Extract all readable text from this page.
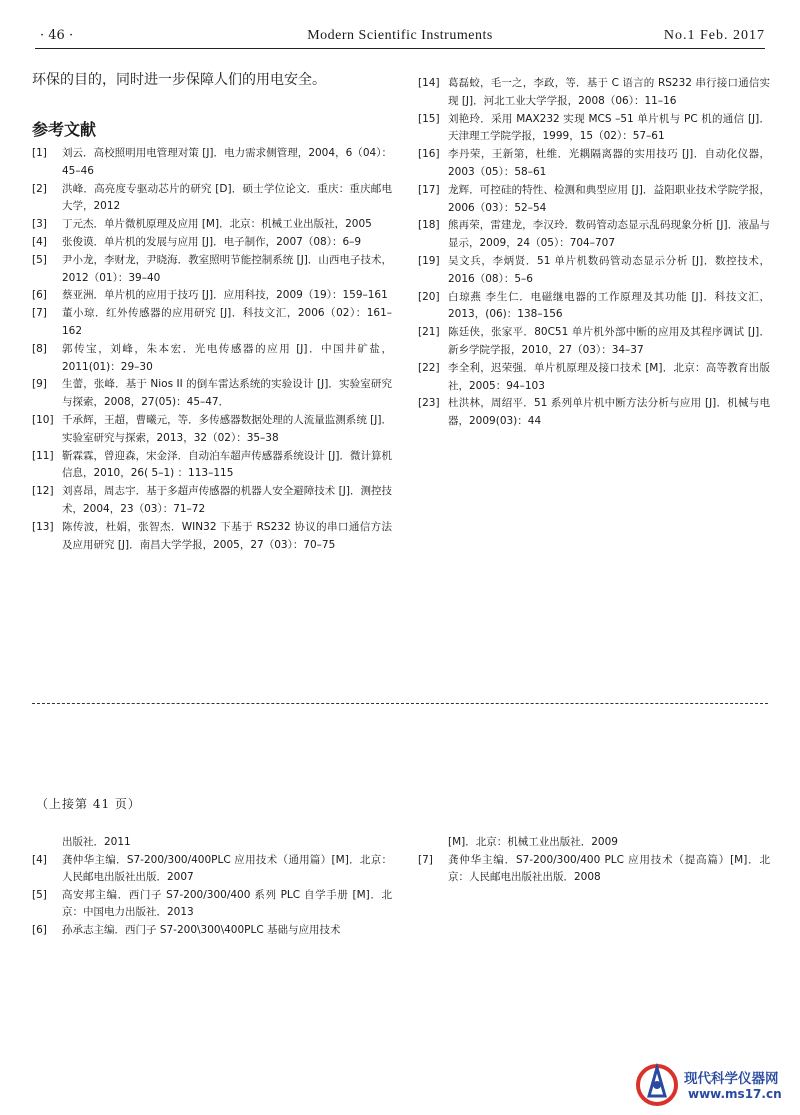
· 46 ·	Modern Scientific Instruments	No.1 Feb. 2017
环保的目的，同时进一步保障人们的用电安全。
参考文献
[1]	刘云．高校照明用电管理对策 [J]．电力需求侧管理，2004，6（04）：45–46
[2]	洪峰．高亮度专驱动芯片的研究 [D]．硕士学位论文．重庆：重庆邮电大学，2012
[3]	丁元杰．单片微机原理及应用 [M]．北京：机械工业出版社，2005
[4]	张俊谟．单片机的发展与应用 [J]．电子制作，2007（08）：6–9
[5]	尹小龙，李财龙，尹晓海．教室照明节能控制系统 [J]．山西电子技术，2012（01）：39–40
[6]	蔡亚洲．单片机的应用于技巧 [J]．应用科技，2009（19）：159–161
[7]	董小琼．红外传感器的应用研究 [J]．科技文汇，2006（02）：161–162
[8]	郭传宝，刘峰，朱本宏．光电传感器的应用 [J]．中国井矿盐，2011(01)：29–30
[9]	生蕾，张峰．基于 Nios II 的倒车雷达系统的实验设计 [J]．实验室研究与探索，2008，27(05)：45–47．
[10] 千承辉，王超，曹曦元，等．多传感器数据处理的人流量监测系统 [J]．实验室研究与探索，2013，32（02）：35–38
[11] 靳霖霖，曾迎森，宋金泽．自动泊车超声传感器系统设计 [J]．微计算机信息，2010，26( 5–1) ：113–115
[12] 刘喜昂，周志宇．基于多超声传感器的机器人安全避障技术 [J]．测控技术，2004，23（03）：71–72
[13] 陈传波，杜娟，张智杰．WIN32 下基于 RS232 协议的串口通信方法及应用研究 [J]．南昌大学学报，2005，27（03）：70–75
[14] 葛磊蛟，毛一之，李政，等．基于 C 语言的 RS232 串行接口通信实现 [J]．河北工业大学学报，2008（06）：11–16
[15] 刘艳玲．采用 MAX232 实现 MCS –51 单片机与 PC 机的通信 [J]．天津理工学院学报，1999，15（02）：57–61
[16] 李丹荣，王新第，杜维．光耦隔离器的实用技巧 [J]．自动化仪器，2003（05）：58–61
[17] 龙辉．可控硅的特性、检测和典型应用 [J]．益阳职业技术学院学报，2006（03）：52–54
[18] 熊再荣，雷建龙，李汉玲．数码管动态显示乱码现象分析 [J]．液晶与显示，2009，24（05）：704–707
[19] 吴文兵，李炳贤．51 单片机数码管动态显示分析 [J]．数控技术，2016（08）：5–6
[20] 白琼燕 李生仁．电磁继电器的工作原理及其功能 [J]．科技文汇，2013，(06)：138–156
[21] 陈廷侠，张家平．80C51 单片机外部中断的应用及其程序调试 [J]．新乡学院学报，2010，27（03）：34–37
[22] 李全利，迟荣强．单片机原理及接口技术 [M]．北京：高等教育出版社，2005：94–103
[23] 杜洪林，周绍平．51 系列单片机中断方法分析与应用 [J]．机械与电器，2009(03)：44
（上接第 41 页）
出版社．2011
[4]	龚仲华主编．S7-200/300/400PLC 应用技术（通用篇）[M]．北京：人民邮电出版社出版．2007
[5]	高安邦主编．西门子 S7-200/300/400 系列 PLC 自学手册 [M]．北京：中国电力出版社．2013
[6]	孙承志主编．西门子 S7-200\300\400PLC 基础与应用技术
[M]．北京：机械工业出版社．2009
[7]	龚仲华主编．S7-200/300/400 PLC 应用技术（提高篇）[M]．北京：人民邮电出版社出版．2008
现代科学仪器网
www.ms17.cn
